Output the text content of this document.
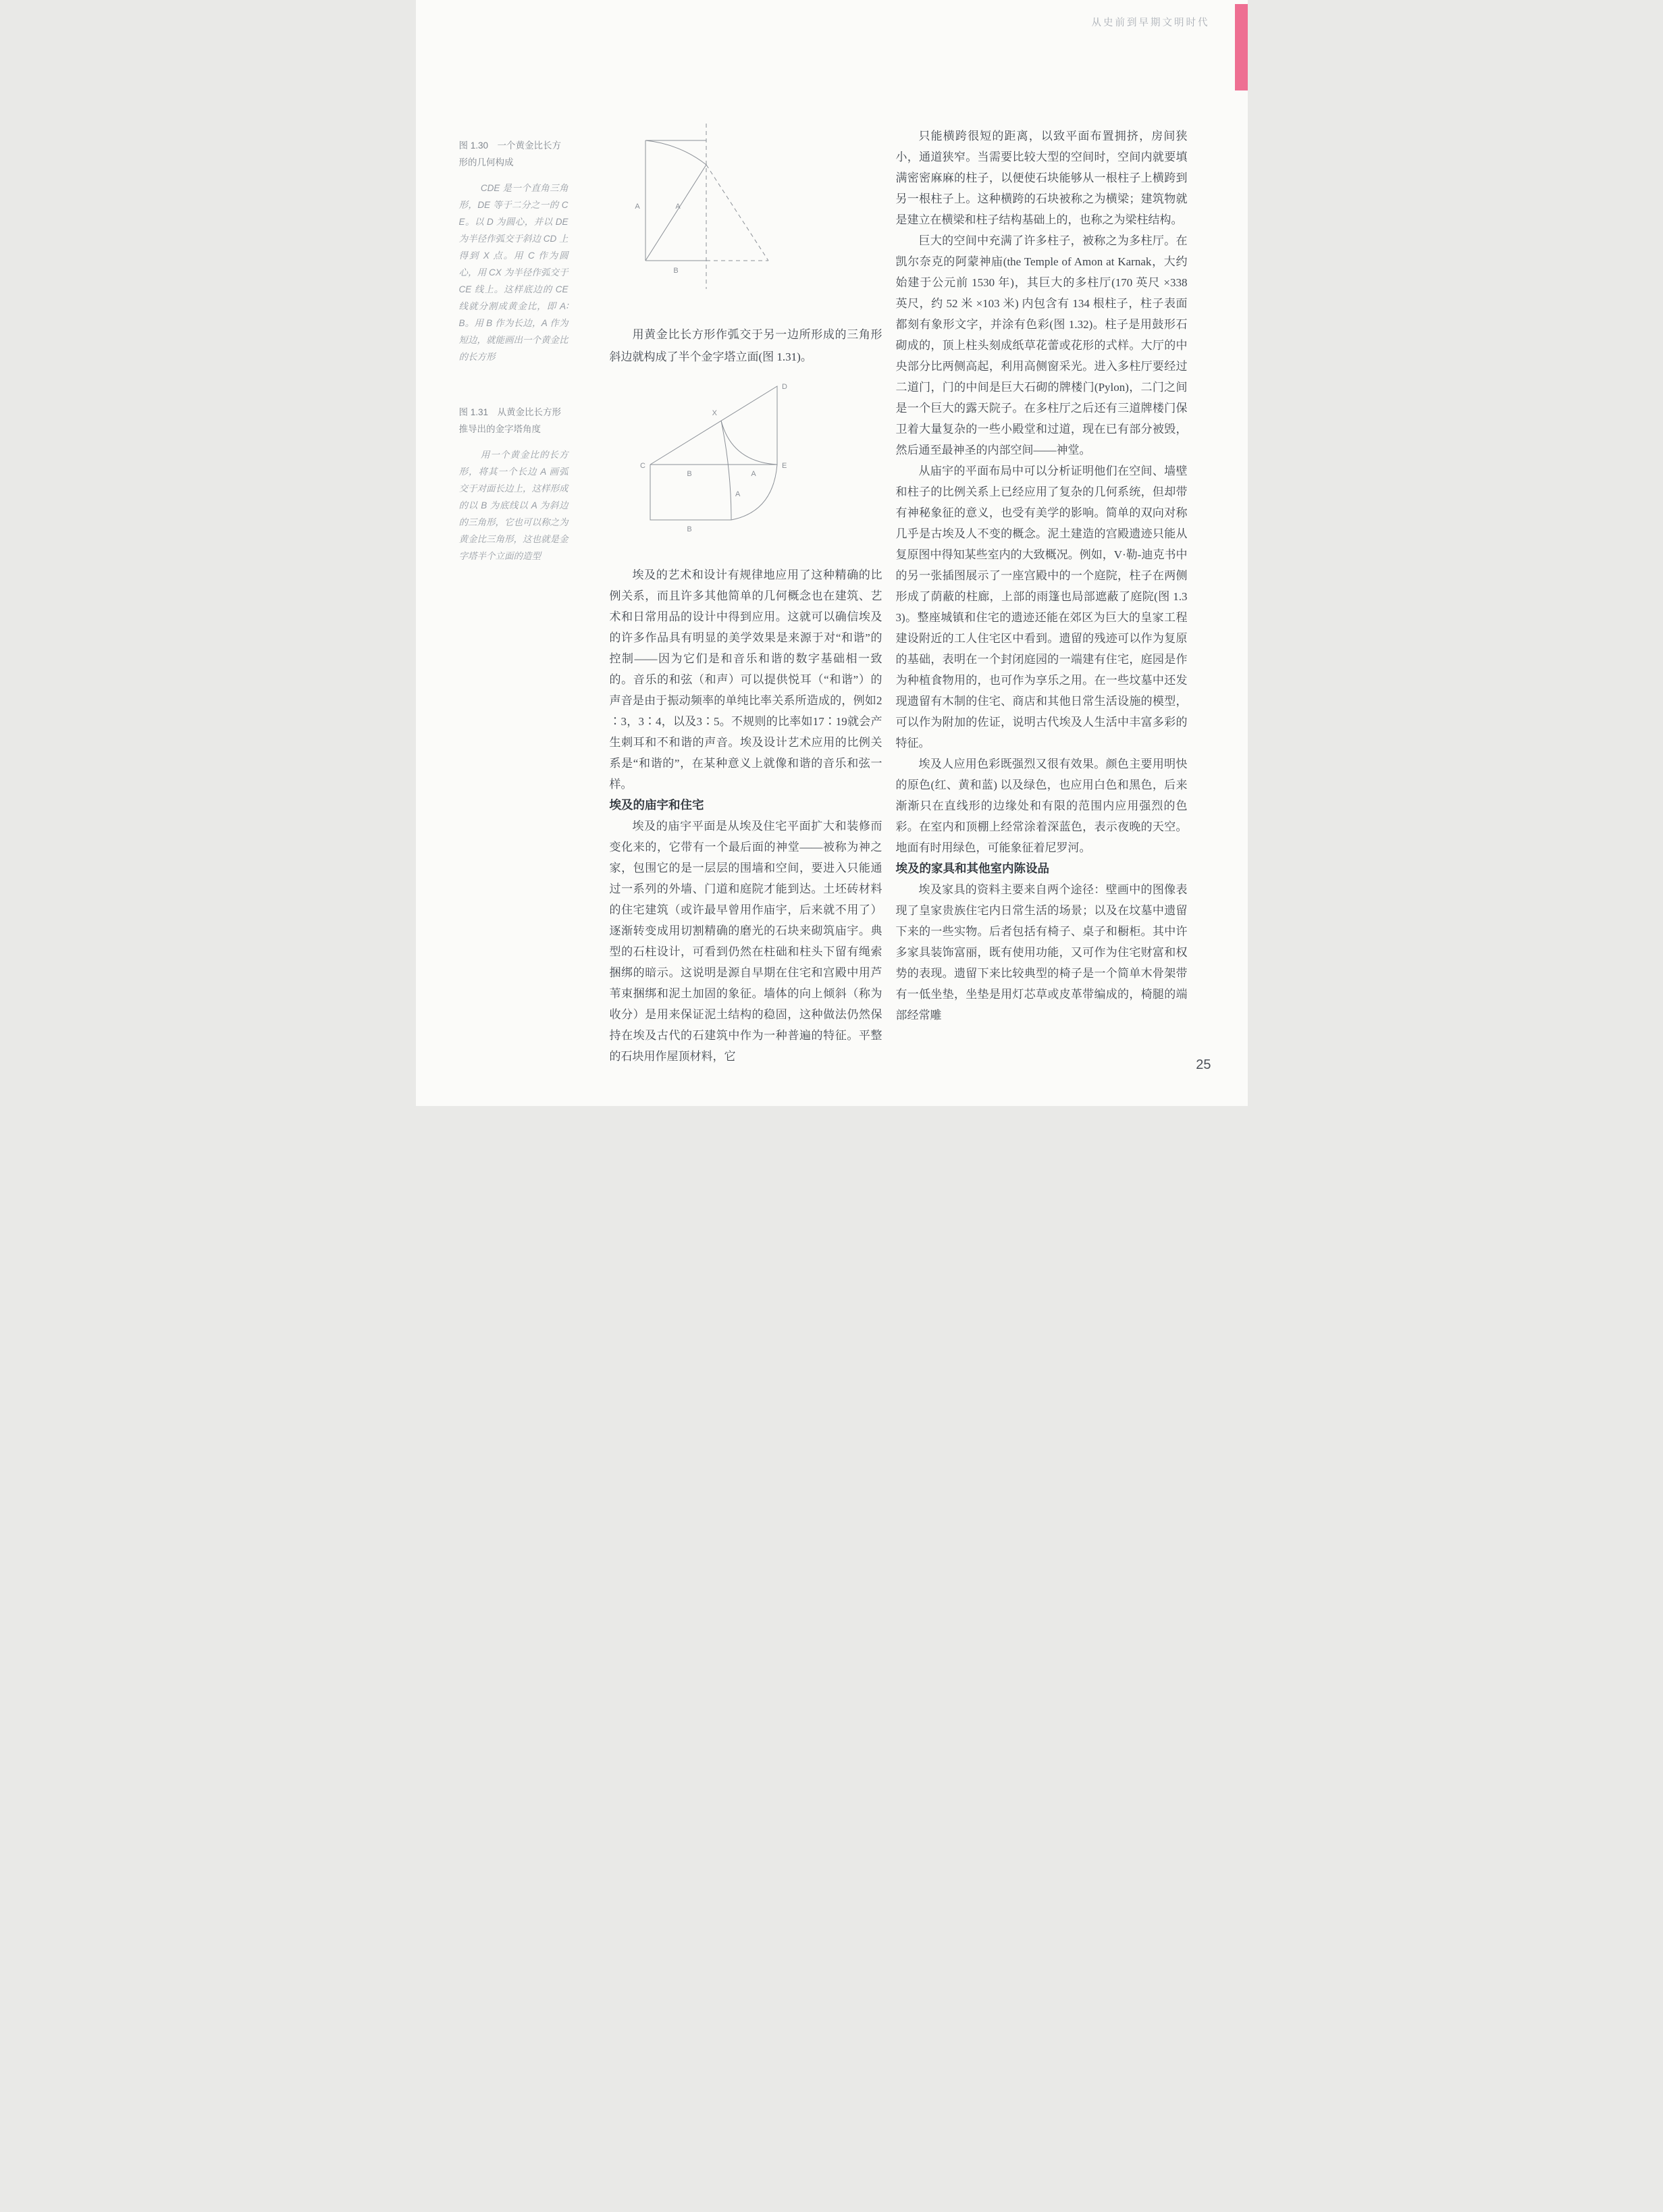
从史前到早期文明时代
图 1.30　一个黄金比长方形的几何构成
CDE 是一个直角三角形，DE 等于二分之一的 CE。以 D 为圆心，并以 DE 为半径作弧交于斜边 CD 上得到 X 点。用 C 作为圆心，用 CX 为半径作弧交于 CE 线上。这样底边的 CE 线就分割成黄金比，即 A∶B。用 B 作为长边，A 作为短边，就能画出一个黄金比的长方形
A	A
B
用黄金比长方形作弧交于另一边所形成的三角形斜边就构成了半个金字塔立面(图 1.31)。
图 1.31　从黄金比长方形推导出的金字塔角度
用一个黄金比的长方形，将其一个长边 A 画弧交于对面长边上，这样形成的以 B 为底线以 A 为斜边的三角形，它也可以称之为黄金比三角形，这也就是金字塔半个立面的造型
C
D
E
X
B	A
A
B

埃及的艺术和设计有规律地应用了这种精确的比例关系，而且许多其他简单的几何概念也在建筑、艺术和日常用品的设计中得到应用。这就可以确信埃及的许多作品具有明显的美学效果是来源于对“和谐”的控制——因为它们是和音乐和谐的数字基础相一致的。音乐的和弦（和声）可以提供悦耳（“和谐”）的声音是由于振动频率的单纯比率关系所造成的，例如2∶3，3∶4，以及3∶5。不规则的比率如17∶19就会产生刺耳和不和谐的声音。埃及设计艺术应用的比例关系是“和谐的”，在某种意义上就像和谐的音乐和弦一样。

埃及的庙宇和住宅

埃及的庙宇平面是从埃及住宅平面扩大和装修而变化来的，它带有一个最后面的神堂——被称为神之家，包围它的是一层层的围墙和空间，要进入只能通过一系列的外墙、门道和庭院才能到达。土坯砖材料的住宅建筑（或许最早曾用作庙宇，后来就不用了）逐渐转变成用切割精确的磨光的石块来砌筑庙宇。典型的石柱设计，可看到仍然在柱础和柱头下留有绳索捆绑的暗示。这说明是源自早期在住宅和宫殿中用芦苇束捆绑和泥土加固的象征。墙体的向上倾斜（称为收分）是用来保证泥土结构的稳固，这种做法仍然保持在埃及古代的石建筑中作为一种普遍的特征。平整的石块用作屋顶材料，它

只能横跨很短的距离，以致平面布置拥挤，房间狭小，通道狭窄。当需要比较大型的空间时，空间内就要填满密密麻麻的柱子，以便使石块能够从一根柱子上横跨到另一根柱子上。这种横跨的石块被称之为横梁；建筑物就是建立在横梁和柱子结构基础上的，也称之为梁柱结构。

巨大的空间中充满了许多柱子，被称之为多柱厅。在凯尔奈克的阿蒙神庙(the Temple of Amon at Karnak，大约始建于公元前 1530 年)，其巨大的多柱厅(170 英尺 ×338 英尺，约 52 米 ×103 米) 内包含有 134 根柱子，柱子表面都刻有象形文字，并涂有色彩(图 1.32)。柱子是用鼓形石砌成的，顶上柱头刻成纸草花蕾或花形的式样。大厅的中央部分比两侧高起，利用高侧窗采光。进入多柱厅要经过二道门，门的中间是巨大石砌的牌楼门(Pylon)，二门之间是一个巨大的露天院子。在多柱厅之后还有三道牌楼门保卫着大量复杂的一些小殿堂和过道，现在已有部分被毁，然后通至最神圣的内部空间——神堂。

从庙宇的平面布局中可以分析证明他们在空间、墙壁和柱子的比例关系上已经应用了复杂的几何系统，但却带有神秘象征的意义，也受有美学的影响。简单的双向对称几乎是古埃及人不变的概念。泥土建造的宫殿遗迹只能从复原图中得知某些室内的大致概况。例如，V·勒-迪克书中的另一张插图展示了一座宫殿中的一个庭院，柱子在两侧形成了荫蔽的柱廊，上部的雨篷也局部遮蔽了庭院(图 1.33)。整座城镇和住宅的遗迹还能在郊区为巨大的皇家工程建设附近的工人住宅区中看到。遗留的残迹可以作为复原的基础，表明在一个封闭庭园的一端建有住宅，庭园是作为种植食物用的，也可作为享乐之用。在一些坟墓中还发现遗留有木制的住宅、商店和其他日常生活设施的模型，可以作为附加的佐证，说明古代埃及人生活中丰富多彩的特征。

埃及人应用色彩既强烈又很有效果。颜色主要用明快的原色(红、黄和蓝) 以及绿色，也应用白色和黑色，后来渐渐只在直线形的边缘处和有限的范围内应用强烈的色彩。在室内和顶棚上经常涂着深蓝色，表示夜晚的天空。地面有时用绿色，可能象征着尼罗河。

埃及的家具和其他室内陈设品

埃及家具的资料主要来自两个途径：壁画中的图像表现了皇家贵族住宅内日常生活的场景；以及在坟墓中遗留下来的一些实物。后者包括有椅子、桌子和橱柜。其中许多家具装饰富丽，既有使用功能，又可作为住宅财富和权势的表现。遗留下来比较典型的椅子是一个简单木骨架带有一低坐垫，坐垫是用灯芯草或皮革带编成的，椅腿的端部经常雕

25
